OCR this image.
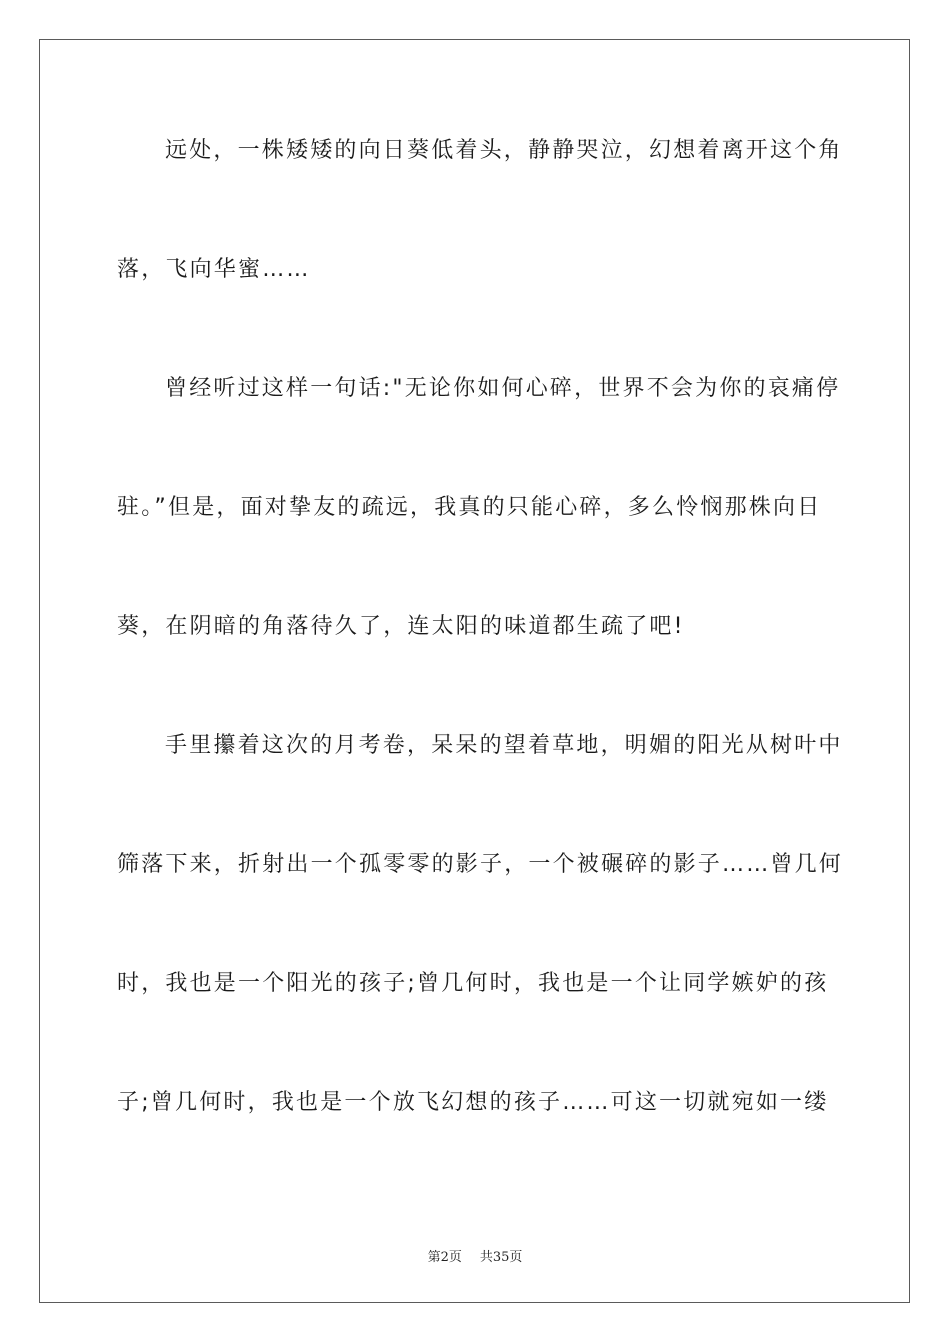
远处，一株矮矮的向日葵低着头，静静哭泣，幻想着离开这个角
落，飞向华蜜……
曾经听过这样一句话:"无论你如何心碎，世界不会为你的哀痛停
驻。”但是，面对挚友的疏远，我真的只能心碎，多么怜悯那株向日
葵，在阴暗的角落待久了，连太阳的味道都生疏了吧!
手里攥着这次的月考卷，呆呆的望着草地，明媚的阳光从树叶中
筛落下来，折射出一个孤零零的影子，一个被碾碎的影子……曾几何
时，我也是一个阳光的孩子;曾几何时，我也是一个让同学嫉妒的孩
子;曾几何时，我也是一个放飞幻想的孩子……可这一切就宛如一缕
第2页 共35页
